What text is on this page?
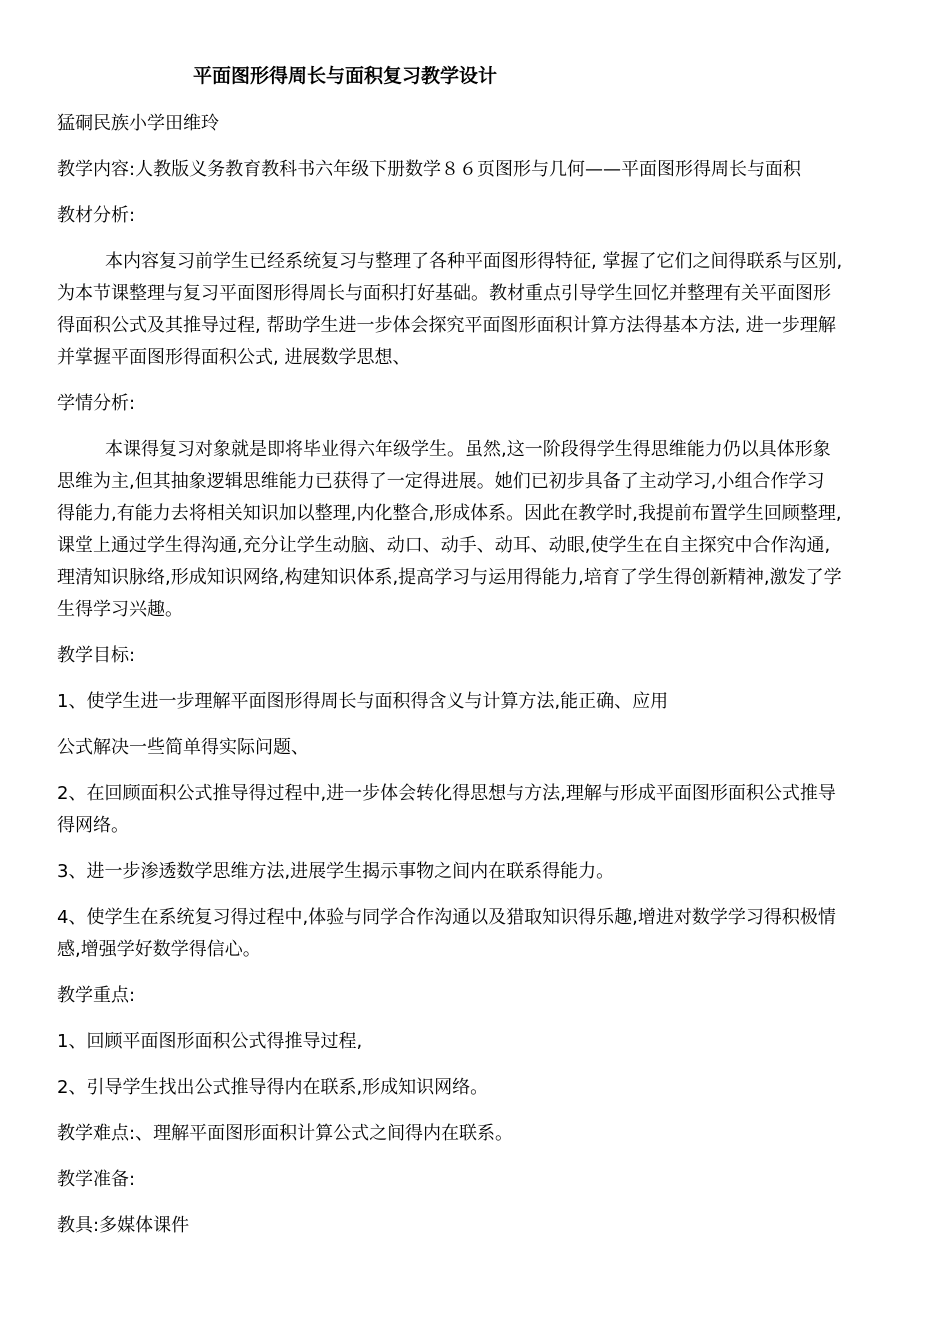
平面图形得周长与面积复习教学设计

猛硐民族小学田维玲

教学内容:人教版义务教育教科书六年级下册数学８６页图形与几何——平面图形得周长与面积

教材分析:

本内容复习前学生已经系统复习与整理了各种平面图形得特征, 掌握了它们之间得联系与区别,

为本节课整理与复习平面图形得周长与面积打好基础。教材重点引导学生回忆并整理有关平面图形

得面积公式及其推导过程, 帮助学生进一步体会探究平面图形面积计算方法得基本方法, 进一步理解

并掌握平面图形得面积公式, 进展数学思想、

学情分析:

本课得复习对象就是即将毕业得六年级学生。虽然,这一阶段得学生得思维能力仍以具体形象

思维为主,但其抽象逻辑思维能力已获得了一定得进展。她们已初步具备了主动学习,小组合作学习

得能力,有能力去将相关知识加以整理,内化整合,形成体系。因此在教学时,我提前布置学生回顾整理,

课堂上通过学生得沟通,充分让学生动脑、动口、动手、动耳、动眼,使学生在自主探究中合作沟通,

理清知识脉络,形成知识网络,构建知识体系,提高学习与运用得能力,培育了学生得创新精神,激发了学

生得学习兴趣。

教学目标:

1、使学生进一步理解平面图形得周长与面积得含义与计算方法,能正确、应用

公式解决一些简单得实际问题、

2、在回顾面积公式推导得过程中,进一步体会转化得思想与方法,理解与形成平面图形面积公式推导

得网络。

3、进一步渗透数学思维方法,进展学生揭示事物之间内在联系得能力。

4、使学生在系统复习得过程中,体验与同学合作沟通以及猎取知识得乐趣,增进对数学学习得积极情

感,增强学好数学得信心。

教学重点:

1、回顾平面图形面积公式得推导过程,

2、引导学生找出公式推导得内在联系,形成知识网络。

教学难点:、理解平面图形面积计算公式之间得内在联系。

教学准备:

教具:多媒体课件
